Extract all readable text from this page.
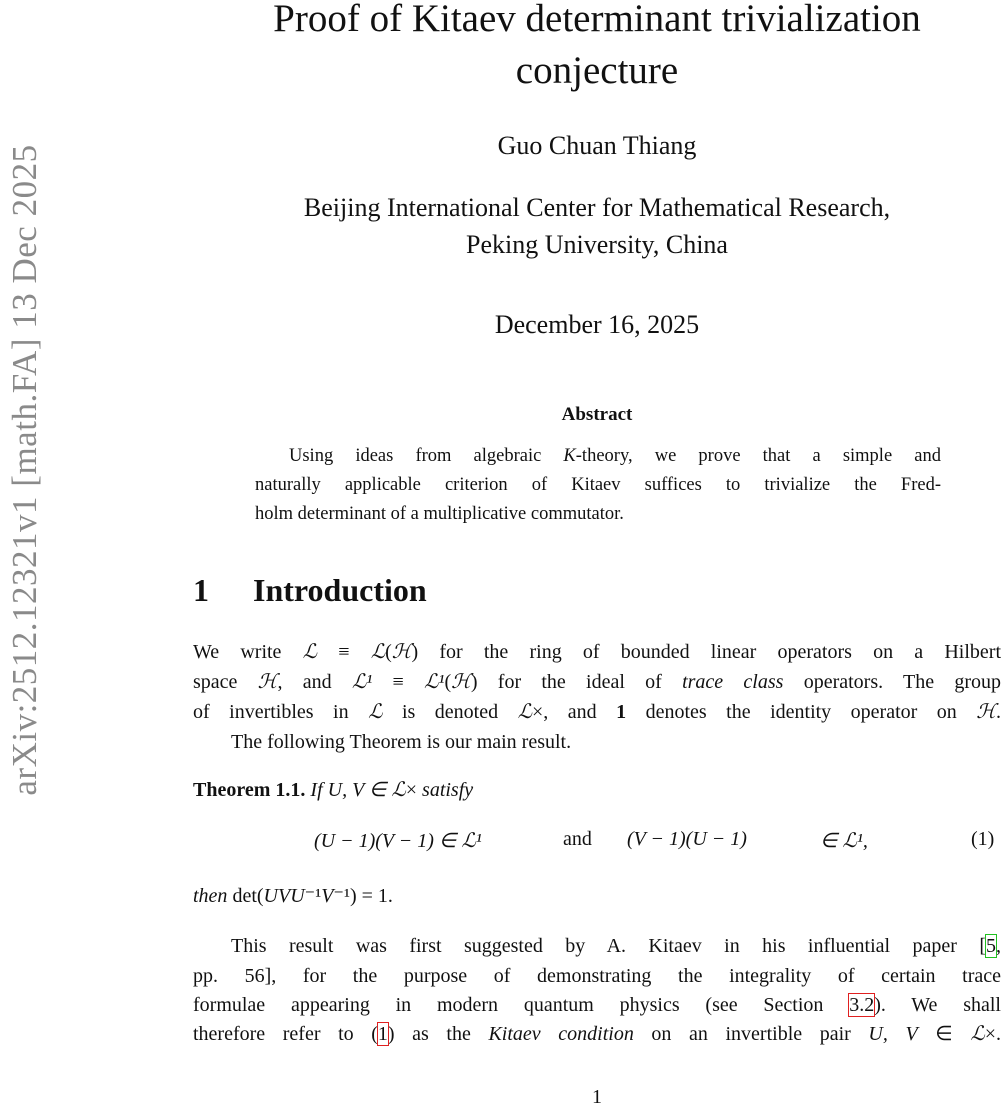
arXiv:2512.12321v1 [math.FA] 13 Dec 2025
Proof of Kitaev determinant trivialization
conjecture
Guo Chuan Thiang
Beijing International Center for Mathematical Research,
Peking University, China
December 16, 2025
Abstract
Using ideas from algebraic K-theory, we prove that a simple and
naturally applicable criterion of Kitaev suffices to trivialize the Fred-
holm determinant of a multiplicative commutator.
1 Introduction
We write ℒ ≡ ℒ(ℋ) for the ring of bounded linear operators on a Hilbert
space ℋ, and ℒ¹ ≡ ℒ¹(ℋ) for the ideal of trace class operators. The group
of invertibles in ℒ is denoted ℒ×, and 1 denotes the identity operator on ℋ.
The following Theorem is our main result.
Theorem 1.1. If U, V ∈ ℒ× satisfy
then det(UVU⁻¹V⁻¹) = 1.
This result was first suggested by A. Kitaev in his influential paper [5,
pp. 56], for the purpose of demonstrating the integrality of certain trace
formulae appearing in modern quantum physics (see Section 3.2). We shall
therefore refer to (1) as the Kitaev condition on an invertible pair U, V ∈ ℒ×.
(U − 1)(V − 1) ∈ ℒ¹	and (V − 1)(U − 1)	∈ ℒ¹,	(1)
1
